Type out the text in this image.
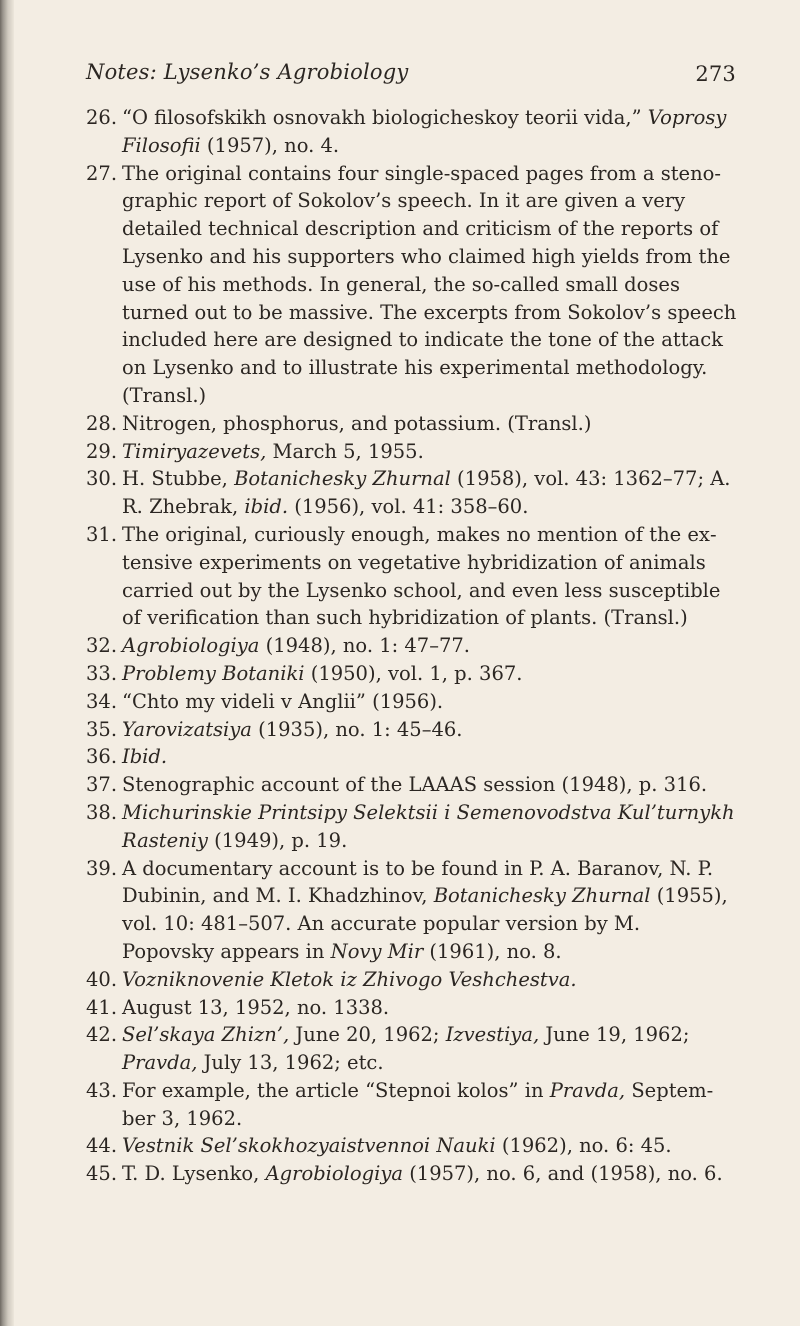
Notes: Lysenko’s Agrobiology	273
26. “O filosofskikh osnovakh biologicheskoy teorii vida,” Voprosy Filosofii (1957), no. 4.
27. The original contains four single-spaced pages from a stenographic report of Sokolov’s speech. In it are given a very detailed technical description and criticism of the reports of Lysenko and his supporters who claimed high yields from the use of his methods. In general, the so-called small doses turned out to be massive. The excerpts from Sokolov’s speech included here are designed to indicate the tone of the attack on Lysenko and to illustrate his experimental methodology. (Transl.)
28. Nitrogen, phosphorus, and potassium. (Transl.)
29. Timiryazevets, March 5, 1955.
30. H. Stubbe, Botanichesky Zhurnal (1958), vol. 43: 1362–77; A. R. Zhebrak, ibid. (1956), vol. 41: 358–60.
31. The original, curiously enough, makes no mention of the extensive experiments on vegetative hybridization of animals carried out by the Lysenko school, and even less susceptible of verification than such hybridization of plants. (Transl.)
32. Agrobiologiya (1948), no. 1: 47–77.
33. Problemy Botaniki (1950), vol. 1, p. 367.
34. “Chto my videli v Anglii” (1956).
35. Yarovizatsiya (1935), no. 1: 45–46.
36. Ibid.
37. Stenographic account of the LAAAS session (1948), p. 316.
38. Michurinskie Printsipy Selektsii i Semenovodstva Kul’turnykh Rasteniy (1949), p. 19.
39. A documentary account is to be found in P. A. Baranov, N. P. Dubinin, and M. I. Khadzhinov, Botanichesky Zhurnal (1955), vol. 10: 481–507. An accurate popular version by M. Popovsky appears in Novy Mir (1961), no. 8.
40. Vozniknovenie Kletok iz Zhivogo Veshchestva.
41. August 13, 1952, no. 1338.
42. Sel’skaya Zhizn’, June 20, 1962; Izvestiya, June 19, 1962; Pravda, July 13, 1962; etc.
43. For example, the article “Stepnoi kolos” in Pravda, September 3, 1962.
44. Vestnik Sel’skokhozyaistvennoi Nauki (1962), no. 6: 45.
45. T. D. Lysenko, Agrobiologiya (1957), no. 6, and (1958), no. 6.
